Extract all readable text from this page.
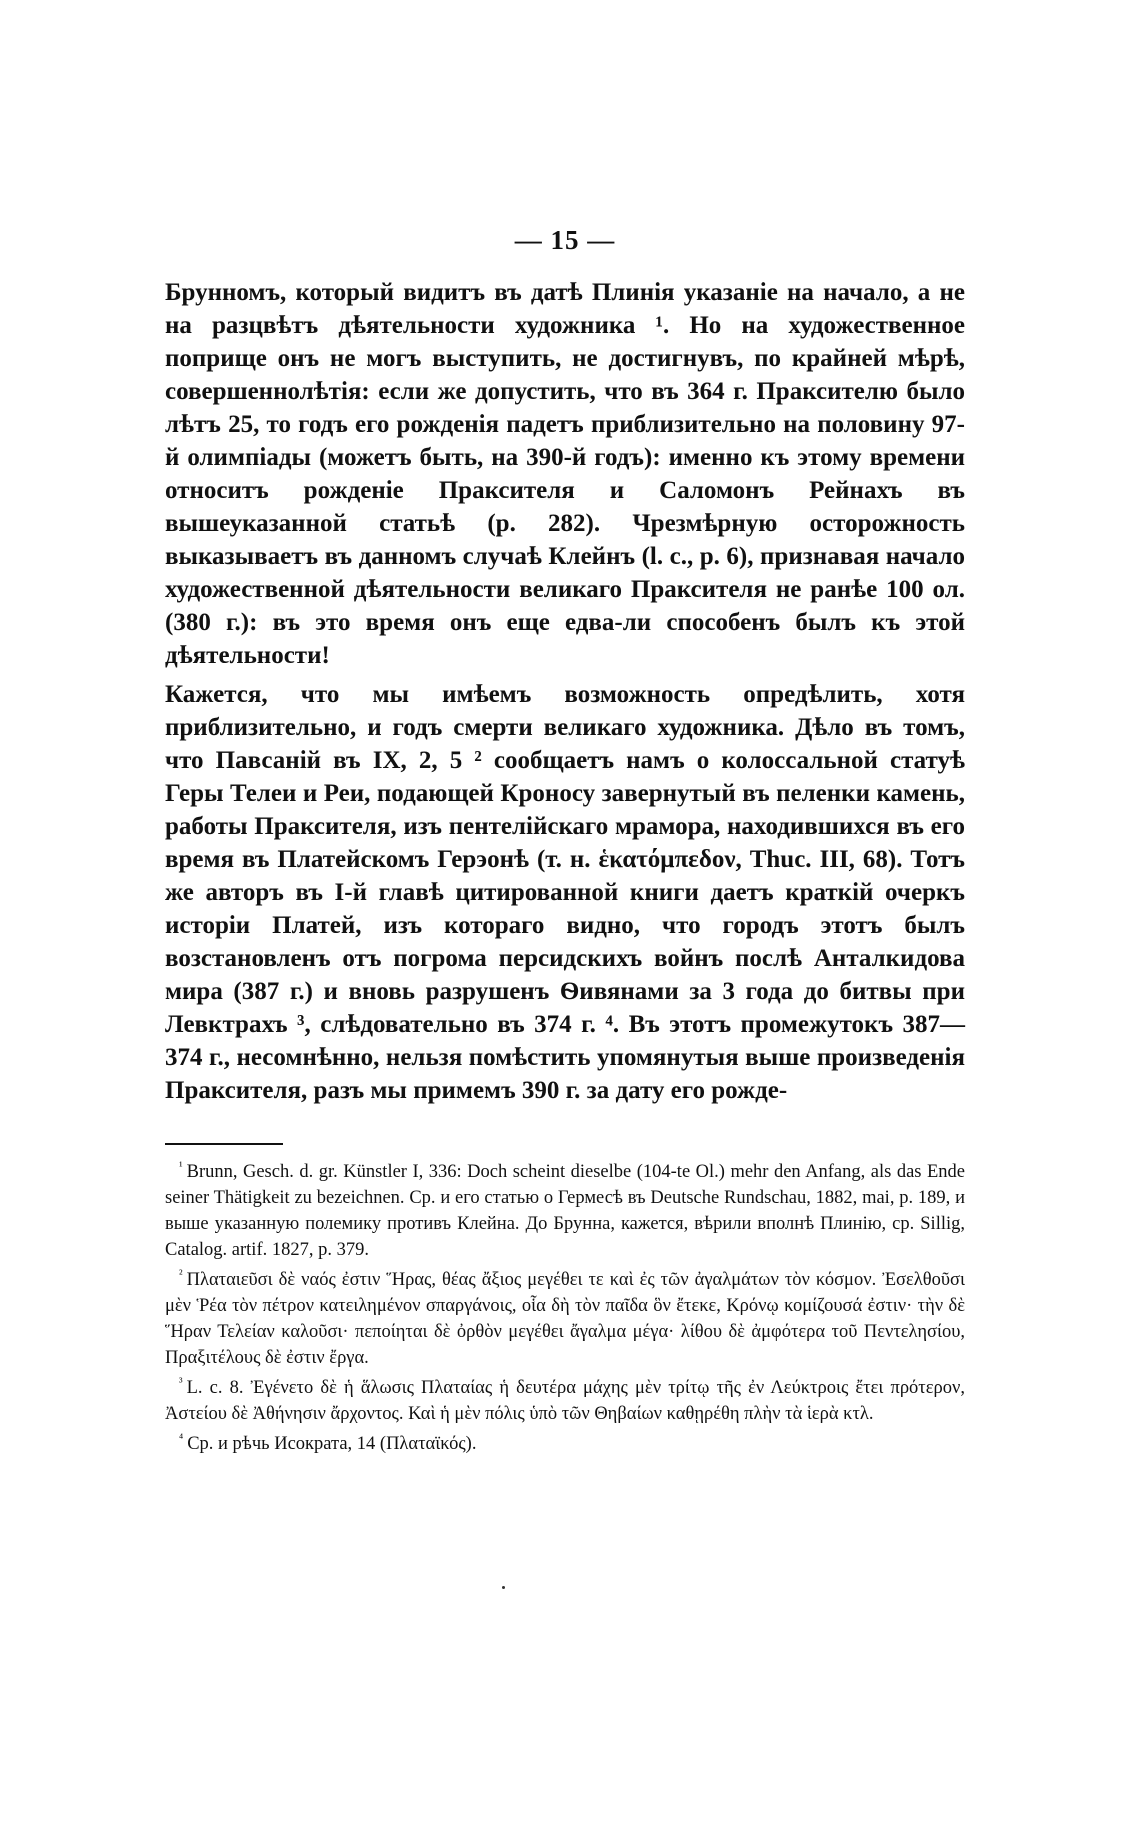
— 15 —

Брунномъ, который видитъ въ датѣ Плинія указаніе на начало, а не на разцвѣтъ дѣятельности художника ¹. Но на художественное поприще онъ не могъ выступить, не достигнувъ, по крайней мѣрѣ, совершеннолѣтія: если же допустить, что въ 364 г. Праксителю было лѣтъ 25, то годъ его рожденія падетъ приблизительно на половину 97-й олимпіады (можетъ быть, на 390-й годъ): именно къ этому времени относитъ рожденіе Праксителя и Саломонъ Рейнахъ въ вышеуказанной статьѣ (р. 282). Чрезмѣрную осторожность выказываетъ въ данномъ случаѣ Клейнъ (l. c., p. 6), признавая начало художественной дѣятельности великаго Праксителя не ранѣе 100 ол. (380 г.): въ это время онъ еще едва-ли способенъ былъ къ этой дѣятельности!

Кажется, что мы имѣемъ возможность опредѣлить, хотя приблизительно, и годъ смерти великаго художника. Дѣло въ томъ, что Павсаній въ IX, 2, 5 ² сообщаетъ намъ о колоссальной статуѣ Геры Телеи и Реи, подающей Кроносу завернутый въ пеленки камень, работы Праксителя, изъ пентелійскаго мрамора, находившихся въ его время въ Платейскомъ Герэонѣ (т. н. ἑκατόμπεδον, Thuc. III, 68). Тотъ же авторъ въ I-й главѣ цитированной книги даетъ краткій очеркъ исторіи Платей, изъ котораго видно, что городъ этотъ былъ возстановленъ отъ погрома персидскихъ войнъ послѣ Анталкидова мира (387 г.) и вновь разрушенъ Ѳивянами за 3 года до битвы при Левктрахъ ³, слѣдовательно въ 374 г. ⁴. Въ этотъ промежутокъ 387—374 г., несомнѣнно, нельзя помѣстить упомянутыя выше произведенія Праксителя, разъ мы примемъ 390 г. за дату его рожде-

$^{^1}$ Brunn, Gesch. d. gr. Künstler I, 336: Doch scheint dieselbe (104-te Ol.) mehr den Anfang, als das Ende seiner Thätigkeit zu bezeichnen. Ср. и его статью о Гермесѣ въ Deutsche Rundschau, 1882, mai, p. 189, и выше указанную полемику противъ Клейна. До Брунна, кажется, вѣрили вполнѣ Плинію, ср. Sillig, Catalog. artif. 1827, p. 379.

$^{^2}$ Πλαταιεῦσι δὲ ναός ἐστιν Ἥρας, θέας ἄξιος μεγέθει τε καὶ ἐς τῶν ἀγαλμάτων τὸν κόσμον. Ἐσελθοῦσι μὲν Ῥέα τὸν πέτρον κατειλημένον σπαργάνοις, οἷα δὴ τὸν παῖδα ὃν ἔτεκε, Κρόνῳ κομίζουσά ἐστιν· τὴν δὲ Ἥραν Τελείαν καλοῦσι· πεποίηται δὲ ὀρθὸν μεγέθει ἄγαλμα μέγα· λίθου δὲ ἀμφότερα τοῦ Πεντελησίου, Πραξιτέλους δὲ ἐστιν ἔργα.

$^{^3}$ L. c. 8. Ἐγένετο δὲ ἡ ἅλωσις Πλαταίας ἡ δευτέρα μάχης μὲν τρίτῳ τῆς ἐν Λεύκτροις ἔτει πρότερον, Ἀστείου δὲ Ἀθήνησιν ἄρχοντος. Καὶ ἡ μὲν πόλις ὑπὸ τῶν Θηβαίων καθῃρέθη πλὴν τὰ ἱερὰ κτλ.

$^{^4}$ Ср. и рѣчь Исократа, 14 (Πλαταϊκός).
